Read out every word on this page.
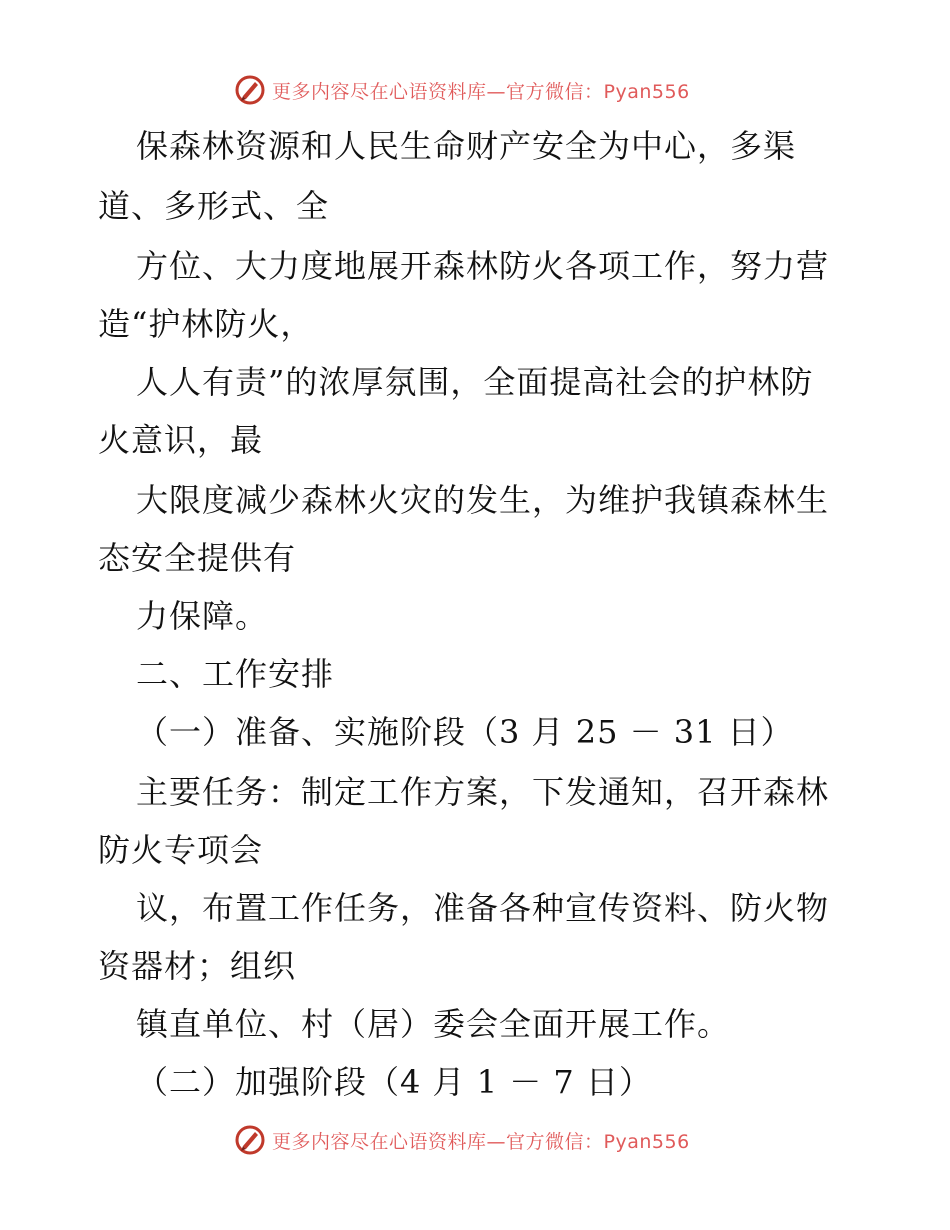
更多内容尽在心语资料库—官方微信：Pyan556
保森林资源和人民生命财产安全为中心，多渠
道、多形式、全
方位、大力度地展开森林防火各项工作，努力营
造“护林防火，
人人有责”的浓厚氛围，全面提高社会的护林防
火意识，最
大限度减少森林火灾的发生，为维护我镇森林生
态安全提供有
力保障。
二、工作安排
（一）准备、实施阶段（3 月 25 － 31 日）
主要任务：制定工作方案，下发通知，召开森林
防火专项会
议，布置工作任务，准备各种宣传资料、防火物
资器材；组织
镇直单位、村（居）委会全面开展工作。
（二）加强阶段（4 月 1 － 7 日）
更多内容尽在心语资料库—官方微信：Pyan556
